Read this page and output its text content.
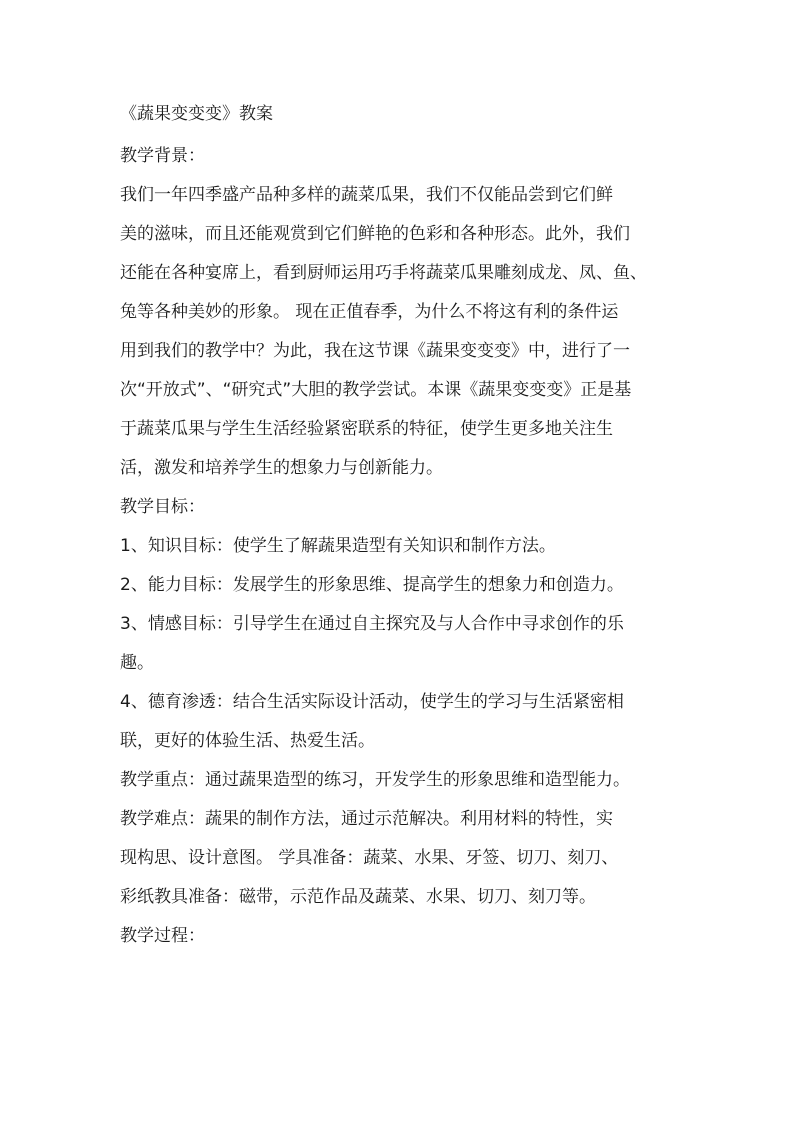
《蔬果变变变》教案
教学背景：
我们一年四季盛产品种多样的蔬菜瓜果，我们不仅能品尝到它们鲜
美的滋味，而且还能观赏到它们鲜艳的色彩和各种形态。此外，我们
还能在各种宴席上，看到厨师运用巧手将蔬菜瓜果雕刻成龙、凤、鱼、
兔等各种美妙的形象。 现在正值春季，为什么不将这有利的条件运
用到我们的教学中？为此，我在这节课《蔬果变变变》中，进行了一
次“开放式”、“研究式”大胆的教学尝试。本课《蔬果变变变》正是基
于蔬菜瓜果与学生生活经验紧密联系的特征，使学生更多地关注生
活，激发和培养学生的想象力与创新能力。
教学目标：
1、知识目标：使学生了解蔬果造型有关知识和制作方法。
2、能力目标：发展学生的形象思维、提高学生的想象力和创造力。
3、情感目标：引导学生在通过自主探究及与人合作中寻求创作的乐
趣。
4、德育渗透：结合生活实际设计活动，使学生的学习与生活紧密相
联，更好的体验生活、热爱生活。
教学重点：通过蔬果造型的练习，开发学生的形象思维和造型能力。
教学难点：蔬果的制作方法，通过示范解决。利用材料的特性，实
现构思、设计意图。 学具准备：蔬菜、水果、牙签、切刀、刻刀、
彩纸教具准备：磁带，示范作品及蔬菜、水果、切刀、刻刀等。
教学过程：
